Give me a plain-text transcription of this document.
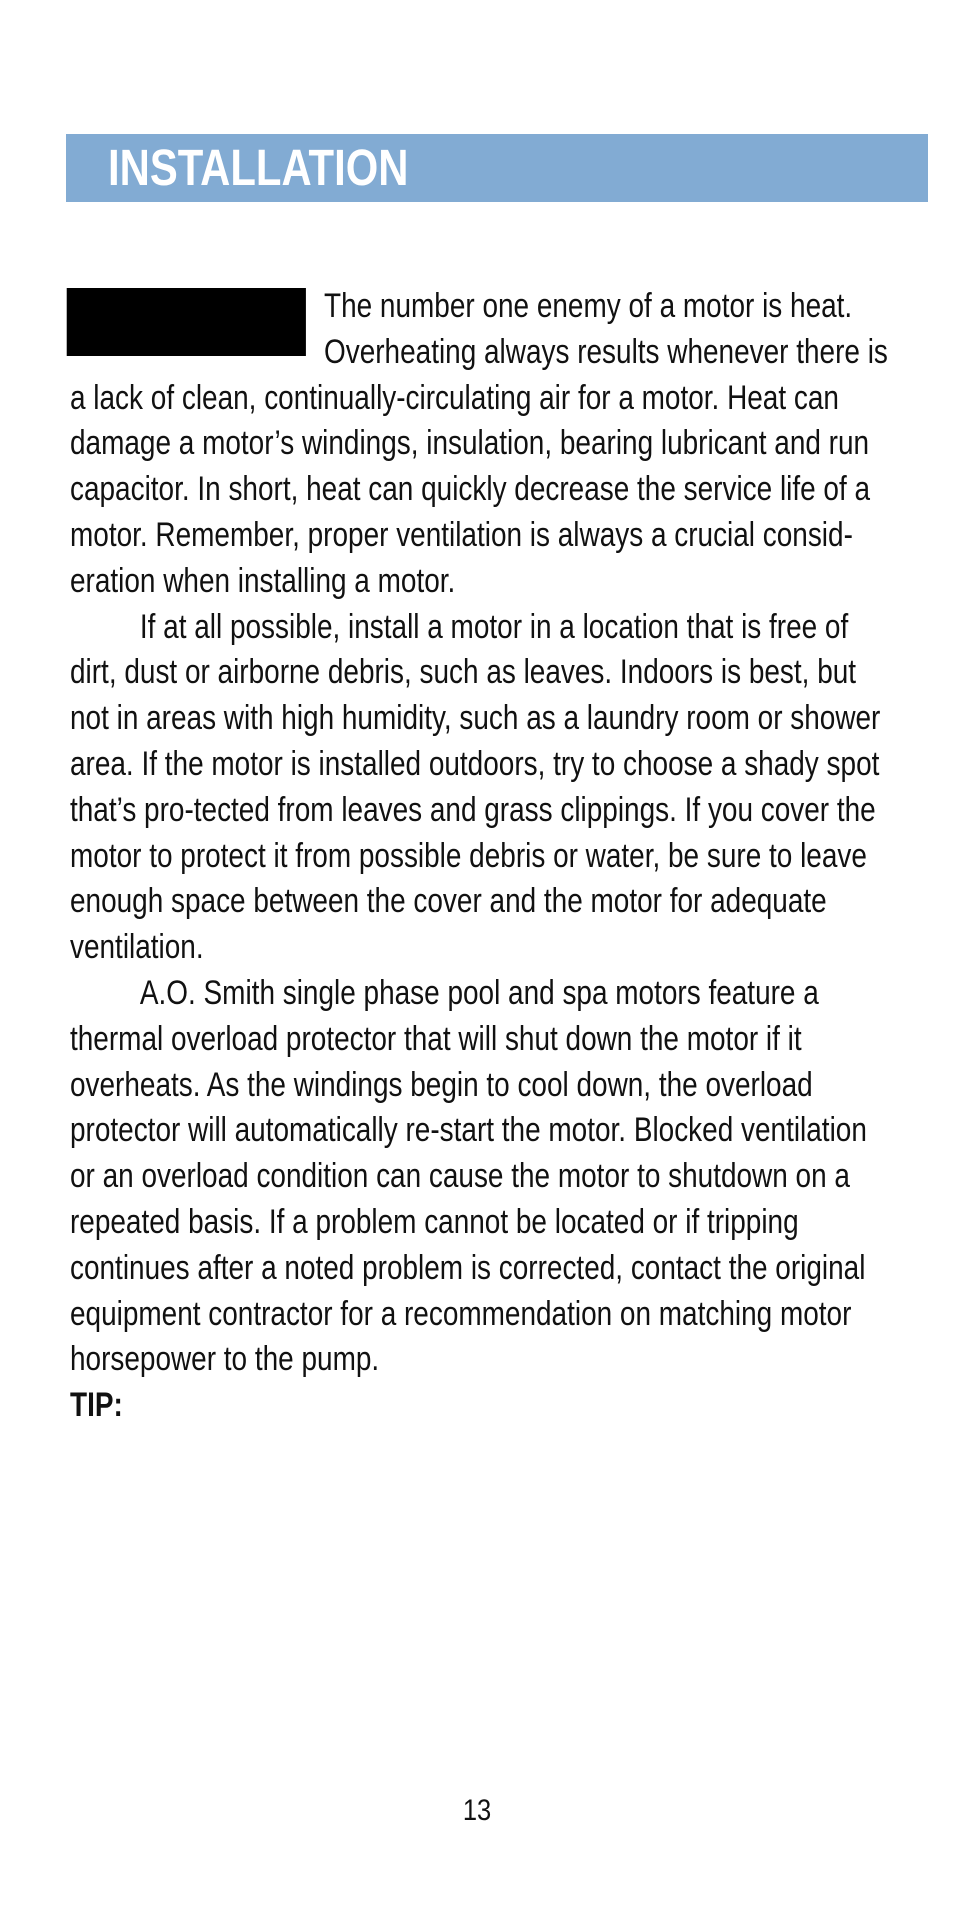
INSTALLATION

The number one enemy of a motor is heat. Overheating always results whenever there is a lack of clean, continually-circulating air for a motor. Heat can damage a motor’s windings, insulation, bearing lubricant and run capacitor. In short, heat can quickly decrease the service life of a motor. Remember, proper ventilation is always a crucial consid-eration when installing a motor.

If at all possible, install a motor in a location that is free of dirt, dust or airborne debris, such as leaves. Indoors is best, but not in areas with high humidity, such as a laundry room or shower area. If the motor is installed outdoors, try to choose a shady spot that’s pro-tected from leaves and grass clippings. If you cover the motor to protect it from possible debris or water, be sure to leave enough space between the cover and the motor for adequate ventilation.

A.O. Smith single phase pool and spa motors feature a thermal overload protector that will shut down the motor if it overheats. As the windings begin to cool down, the overload protector will automatically re-start the motor. Blocked ventilation or an overload condition can cause the motor to shutdown on a repeated basis. If a problem cannot be located or if tripping continues after a noted problem is corrected, contact the original equipment contractor for a recommendation on matching motor horsepower to the pump.

TIP:

13
